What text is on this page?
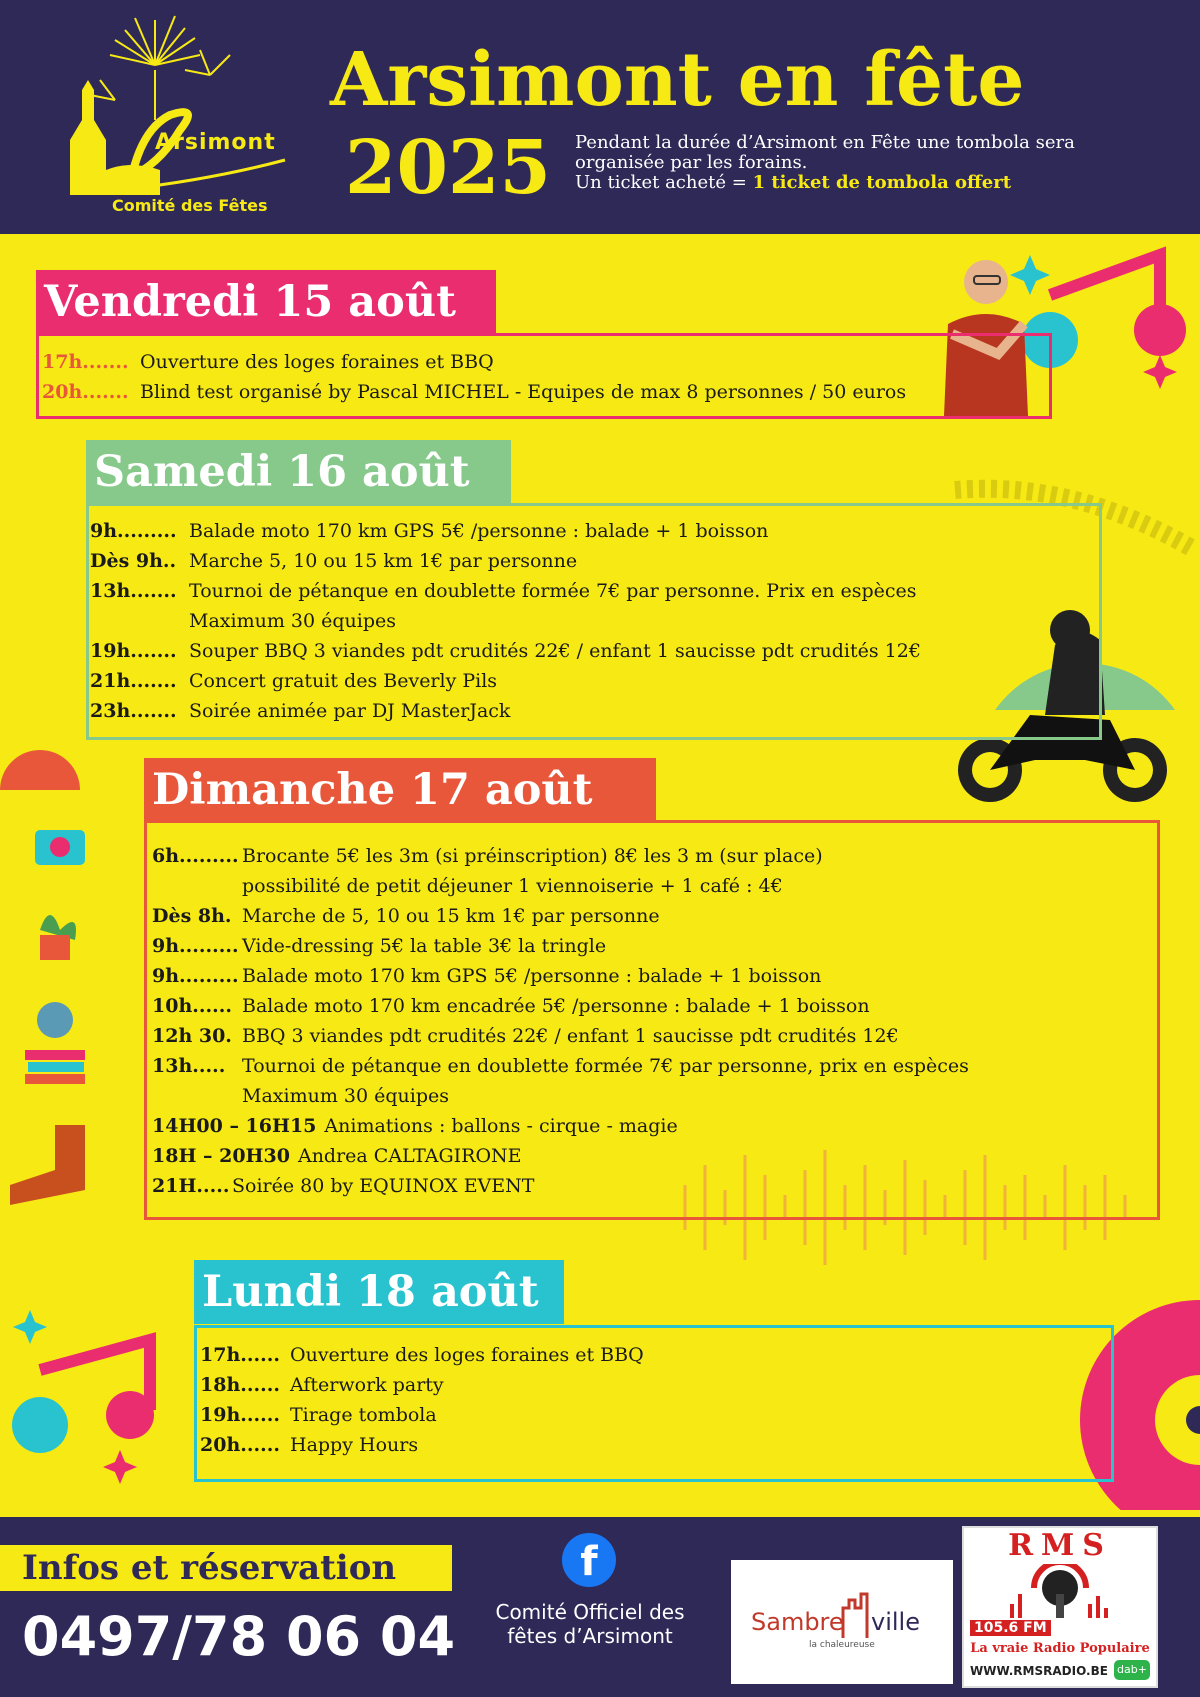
Arsimont
Comité des Fêtes
Arsimont en fête
2025 Pendant la durée d’Arsimont en Fête une tombola sera
organisée par les forains.
Un ticket acheté = 1 ticket de tombola offert
Vendredi 15 août
17h....... Ouverture des loges foraines et BBQ
20h....... Blind test organisé by Pascal MICHEL - Equipes de max 8 personnes / 50 euros
Samedi 16 août
9h......... Balade moto 170 km GPS 5€ /personne : balade + 1 boisson
Dès 9h.. Marche 5, 10 ou 15 km 1€ par personne
13h....... Tournoi de pétanque en doublette formée 7€ par personne. Prix en espèces
Maximum 30 équipes
19h....... Souper BBQ 3 viandes pdt crudités 22€ / enfant 1 saucisse pdt crudités 12€
21h....... Concert gratuit des Beverly Pils
23h....... Soirée animée par DJ MasterJack
Dimanche 17 août
6h......... Brocante 5€ les 3m (si préinscription) 8€ les 3 m (sur place)
possibilité de petit déjeuner 1 viennoiserie + 1 café : 4€
Dès 8h. Marche de 5, 10 ou 15 km 1€ par personne
9h......... Vide-dressing 5€ la table 3€ la tringle
9h......... Balade moto 170 km GPS 5€ /personne : balade + 1 boisson
10h...... Balade moto 170 km encadrée 5€ /personne : balade + 1 boisson
12h 30. BBQ 3 viandes pdt crudités 22€ / enfant 1 saucisse pdt crudités 12€
13h..... Tournoi de pétanque en doublette formée 7€ par personne, prix en espèces
Maximum 30 équipes
14H00 – 16H15 Animations : ballons - cirque - magie
18H – 20H30 Andrea CALTAGIRONE
21H..... Soirée 80 by EQUINOX EVENT
Lundi 18 août
17h...... Ouverture des loges foraines et BBQ
18h...... Afterwork party
19h...... Tirage tombola
20h...... Happy Hours
Infos et réservation
0497/78 06 04
f
Comité Officiel des fêtes d’Arsimont	Sambre ville
la chaleureuse
RMS
105.6 FM
La vraie Radio Populaire
WWW.RMSRADIO.BE dab+
